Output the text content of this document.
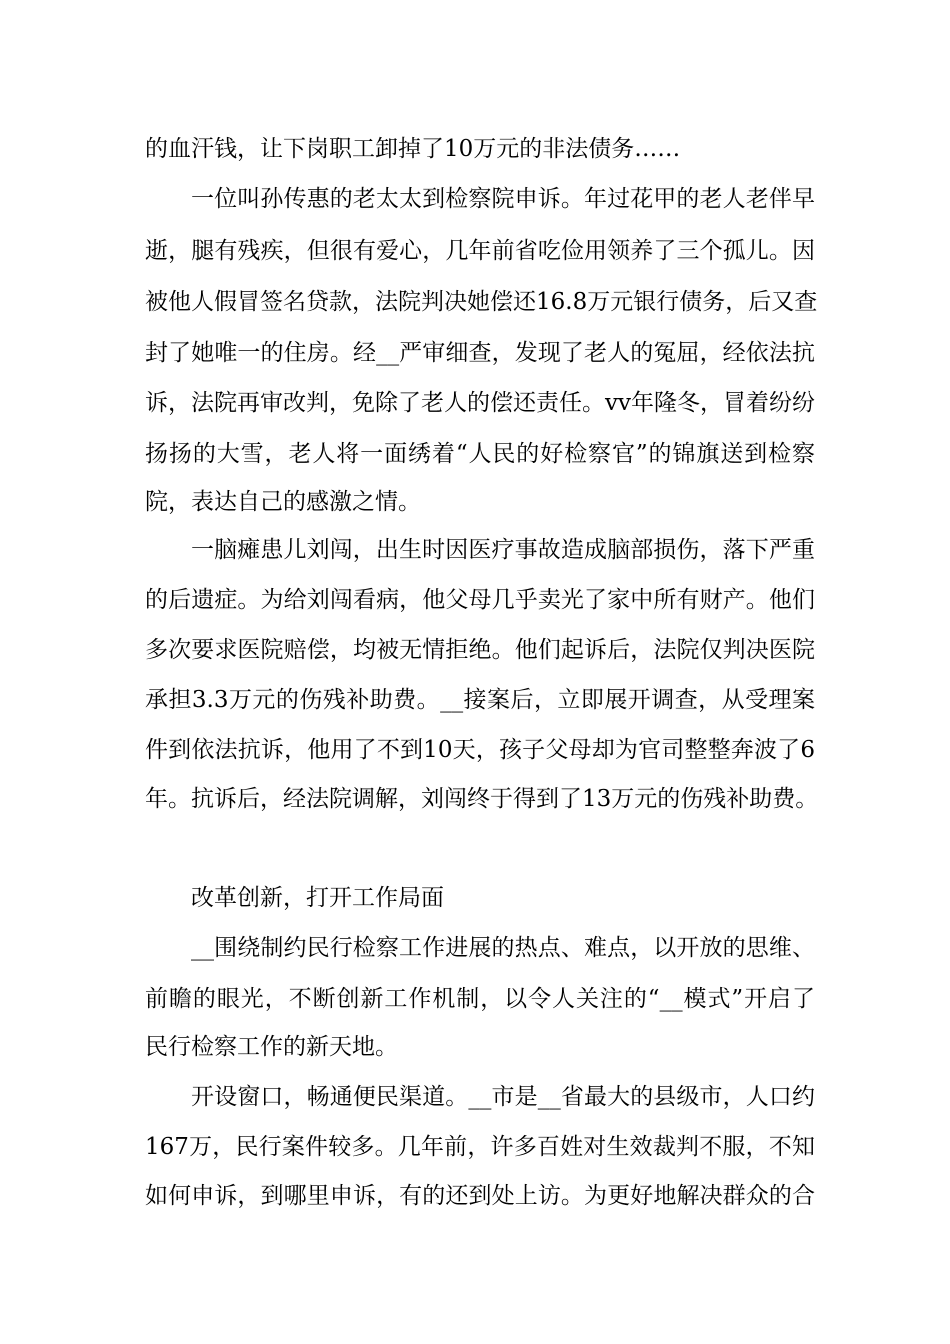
的血汗钱，让下岗职工卸掉了10万元的非法债务……
一位叫孙传惠的老太太到检察院申诉。年过花甲的老人老伴早
逝，腿有残疾，但很有爱心，几年前省吃俭用领养了三个孤儿。因
被他人假冒签名贷款，法院判决她偿还16.8万元银行债务，后又查
封了她唯一的住房。经__严审细查，发现了老人的冤屈，经依法抗
诉，法院再审改判，免除了老人的偿还责任。vv年隆冬，冒着纷纷
扬扬的大雪，老人将一面绣着“人民的好检察官”的锦旗送到检察
院，表达自己的感激之情。
一脑瘫患儿刘闯，出生时因医疗事故造成脑部损伤，落下严重
的后遗症。为给刘闯看病，他父母几乎卖光了家中所有财产。他们
多次要求医院赔偿，均被无情拒绝。他们起诉后，法院仅判决医院
承担3.3万元的伤残补助费。__接案后，立即展开调查，从受理案
件到依法抗诉，他用了不到10天，孩子父母却为官司整整奔波了6
年。抗诉后，经法院调解，刘闯终于得到了13万元的伤残补助费。
改革创新，打开工作局面
__围绕制约民行检察工作进展的热点、难点，以开放的思维、
前瞻的眼光，不断创新工作机制，以令人关注的“__模式”开启了
民行检察工作的新天地。
开设窗口，畅通便民渠道。__市是__省最大的县级市，人口约
167万，民行案件较多。几年前，许多百姓对生效裁判不服，不知
如何申诉，到哪里申诉，有的还到处上访。为更好地解决群众的合
